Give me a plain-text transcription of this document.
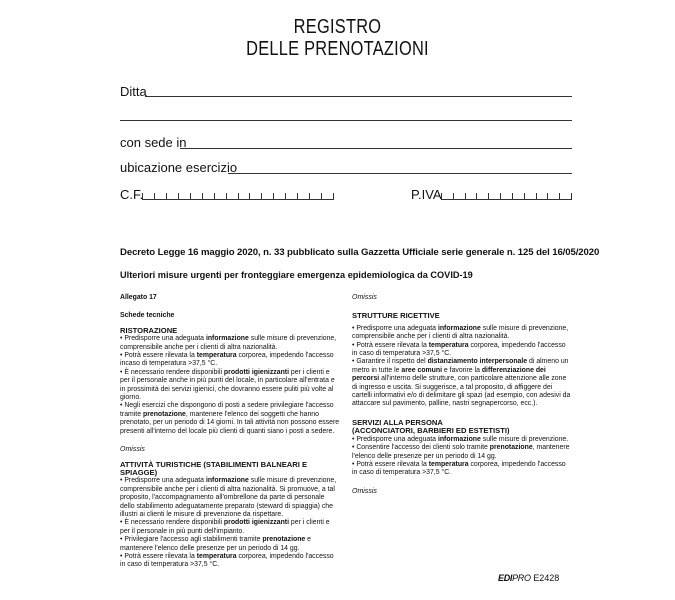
REGISTRO
DELLE PRENOTAZIONI
Ditta
con sede in
ubicazione esercizio
C.F.	P.IVA
Decreto Legge 16 maggio 2020, n. 33 pubblicato sulla Gazzetta Ufficiale serie generale n. 125 del 16/05/2020
Ulteriori misure urgenti per fronteggiare emergenza epidemiologica da COVID-19
Allegato 17
Schede tecniche
RISTORAZIONE
• Predisporre una adeguata informazione sulle misure di prevenzione, comprensibile anche per i clienti di altra nazionalità.
• Potrà essere rilevata la temperatura corporea, impedendo l'accesso incaso di temperatura >37,5 °C.
• È necessario rendere disponibili prodotti igienizzanti per i clienti e per il personale anche in più punti del locale, in particolare all'entrata e in prossimità dei servizi igienici, che dovranno essere puliti più volte al giorno.
• Negli esercizi che dispongono di posti a sedere privilegiare l'accesso tramite prenotazione, mantenere l'elenco dei soggetti che hanno prenotato, per un periodo di 14 giorni. In tali attività non possono essere presenti all'interno del locale più clienti di quanti siano i posti a sedere.
Omissis
ATTIVITÀ TURISTICHE (STABILIMENTI BALNEARI E SPIAGGE)
• Predisporre una adeguata informazione sulle misure di prevenzione, comprensibile anche per i clienti di altra nazionalità. Si promuove, a tal proposito, l'accompagnamento all'ombrellone da parte di personale dello stabilimento adeguatamente preparato (steward di spiaggia) che illustri ai clienti le misure di prevenzione da rispettare.
• È necessario rendere disponibili prodotti igienizzanti per i clienti e per il personale in più punti dell'impianto.
• Privilegiare l'accesso agli stabilimenti tramite prenotazione e mantenere l'elenco delle presenze per un periodo di 14 gg.
• Potrà essere rilevata la temperatura corporea, impedendo l'accesso in caso di temperatura >37,5 °C.
Omissis
STRUTTURE RICETTIVE
• Predisporre una adeguata informazione sulle misure di prevenzione, comprensibile anche per i clienti di altra nazionalità.
• Potrà essere rilevata la temperatura corporea, impedendo l'accesso in caso di temperatura >37,5 °C.
• Garantire il rispetto del distanziamento interpersonale di almeno un metro in tutte le aree comuni e favorire la differenziazione dei percorsi all'interno delle strutture, con particolare attenzione alle zone di ingresso e uscita. Si suggerisce, a tal proposito, di affiggere dei cartelli informativi e/o di delimitare gli spazi (ad esempio, con adesivi da attaccare sul pavimento, palline, nastri segnapercorso, ecc.).
SERVIZI ALLA PERSONA
(ACCONCIATORI, BARBIERI ED ESTETISTI)
• Predisporre una adeguata informazione sulle misure di prevenzione.
• Consentire l'accesso dei clienti solo tramite prenotazione, mantenere l'elenco delle presenze per un periodo di 14 gg.
• Potrà essere rilevata la temperatura corporea, impedendo l'accesso in caso di temperatura >37,5 °C.
Omissis
EDIPRO E2428
